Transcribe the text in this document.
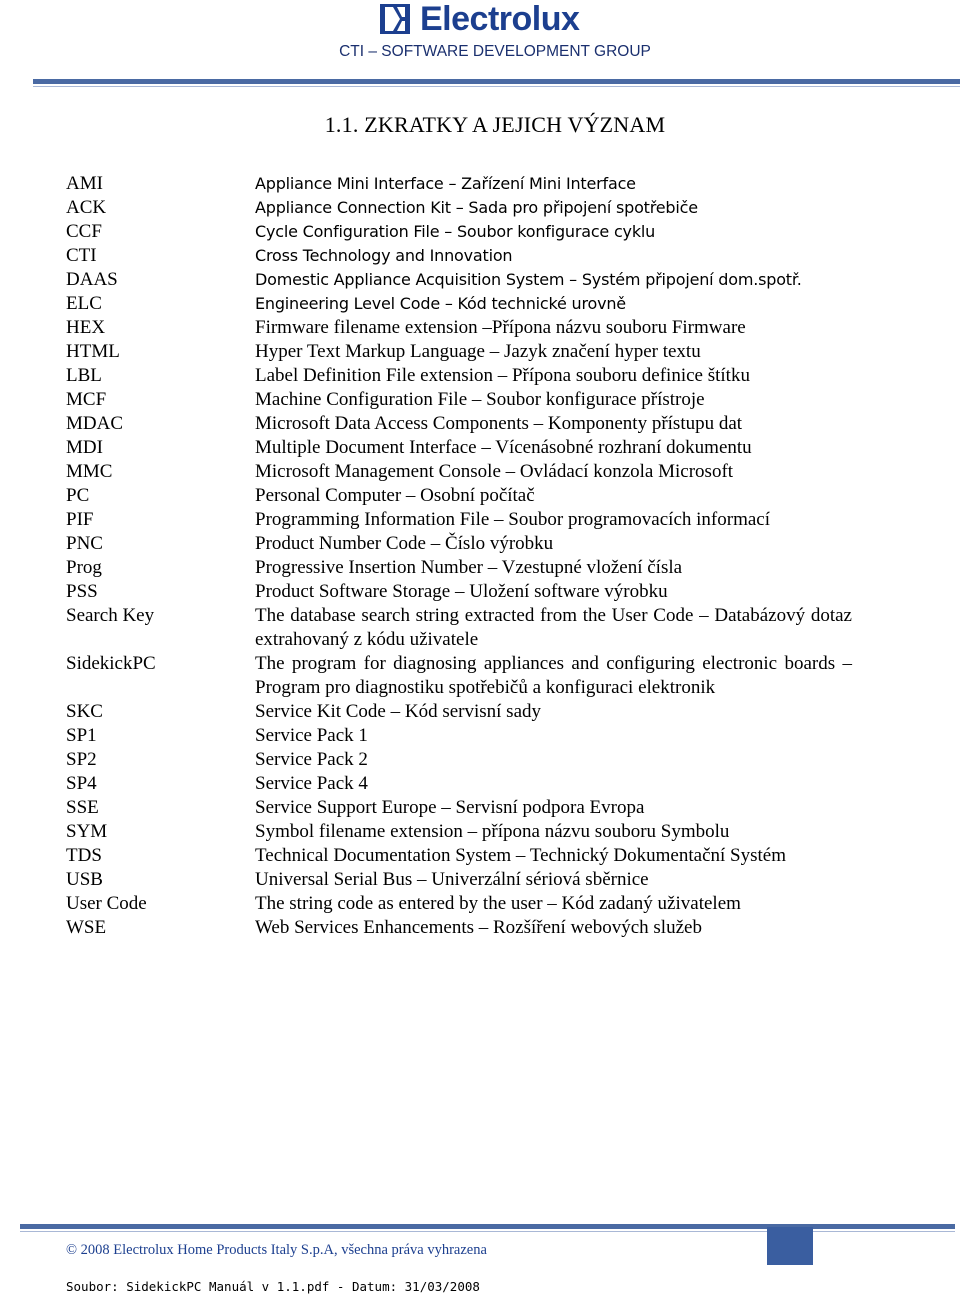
Electrolux
CTI – SOFTWARE DEVELOPMENT GROUP
1.1. ZKRATKY A JEJICH VÝZNAM
AMI	Appliance Mini Interface – Zařízení Mini Interface
ACK	Appliance Connection Kit – Sada pro připojení spotřebiče
CCF	Cycle Configuration File – Soubor konfigurace cyklu
CTI	Cross Technology and Innovation
DAAS	Domestic Appliance Acquisition System – Systém připojení dom.spotř.
ELC	Engineering Level Code – Kód technické urovně
HEX	Firmware filename extension –Přípona názvu souboru Firmware
HTML	Hyper Text Markup Language – Jazyk značení hyper textu
LBL	Label Definition File extension – Přípona souboru definice štítku
MCF	Machine Configuration File – Soubor konfigurace přístroje
MDAC	Microsoft Data Access Components – Komponenty přístupu dat
MDI	Multiple Document Interface – Vícenásobné rozhraní dokumentu
MMC	Microsoft Management Console – Ovládací konzola Microsoft
PC	Personal Computer – Osobní počítač
PIF	Programming Information File – Soubor programovacích informací
PNC	Product Number Code – Číslo výrobku
Prog	Progressive Insertion Number – Vzestupné vložení čísla
PSS	Product Software Storage – Uložení software výrobku
Search Key	The database search string extracted from the User Code – Databázový dotaz extrahovaný z kódu uživatele
SidekickPC	The program for diagnosing appliances and configuring electronic boards – Program pro diagnostiku spotřebičů a konfiguraci elektronik
SKC	Service Kit Code – Kód servisní sady
SP1	Service Pack 1
SP2	Service Pack 2
SP4	Service Pack 4
SSE	Service Support Europe – Servisní podpora Evropa
SYM	Symbol filename extension – přípona názvu souboru Symbolu
TDS	Technical Documentation System – Technický Dokumentační Systém
USB	Universal Serial Bus – Univerzální sériová sběrnice
User Code	The string code as entered by the user – Kód zadaný uživatelem
WSE	Web Services Enhancements – Rozšíření webových služeb
© 2008 Electrolux Home Products Italy S.p.A, všechna práva vyhrazena
Soubor: SidekickPC Manuál v 1.1.pdf - Datum: 31/03/2008
